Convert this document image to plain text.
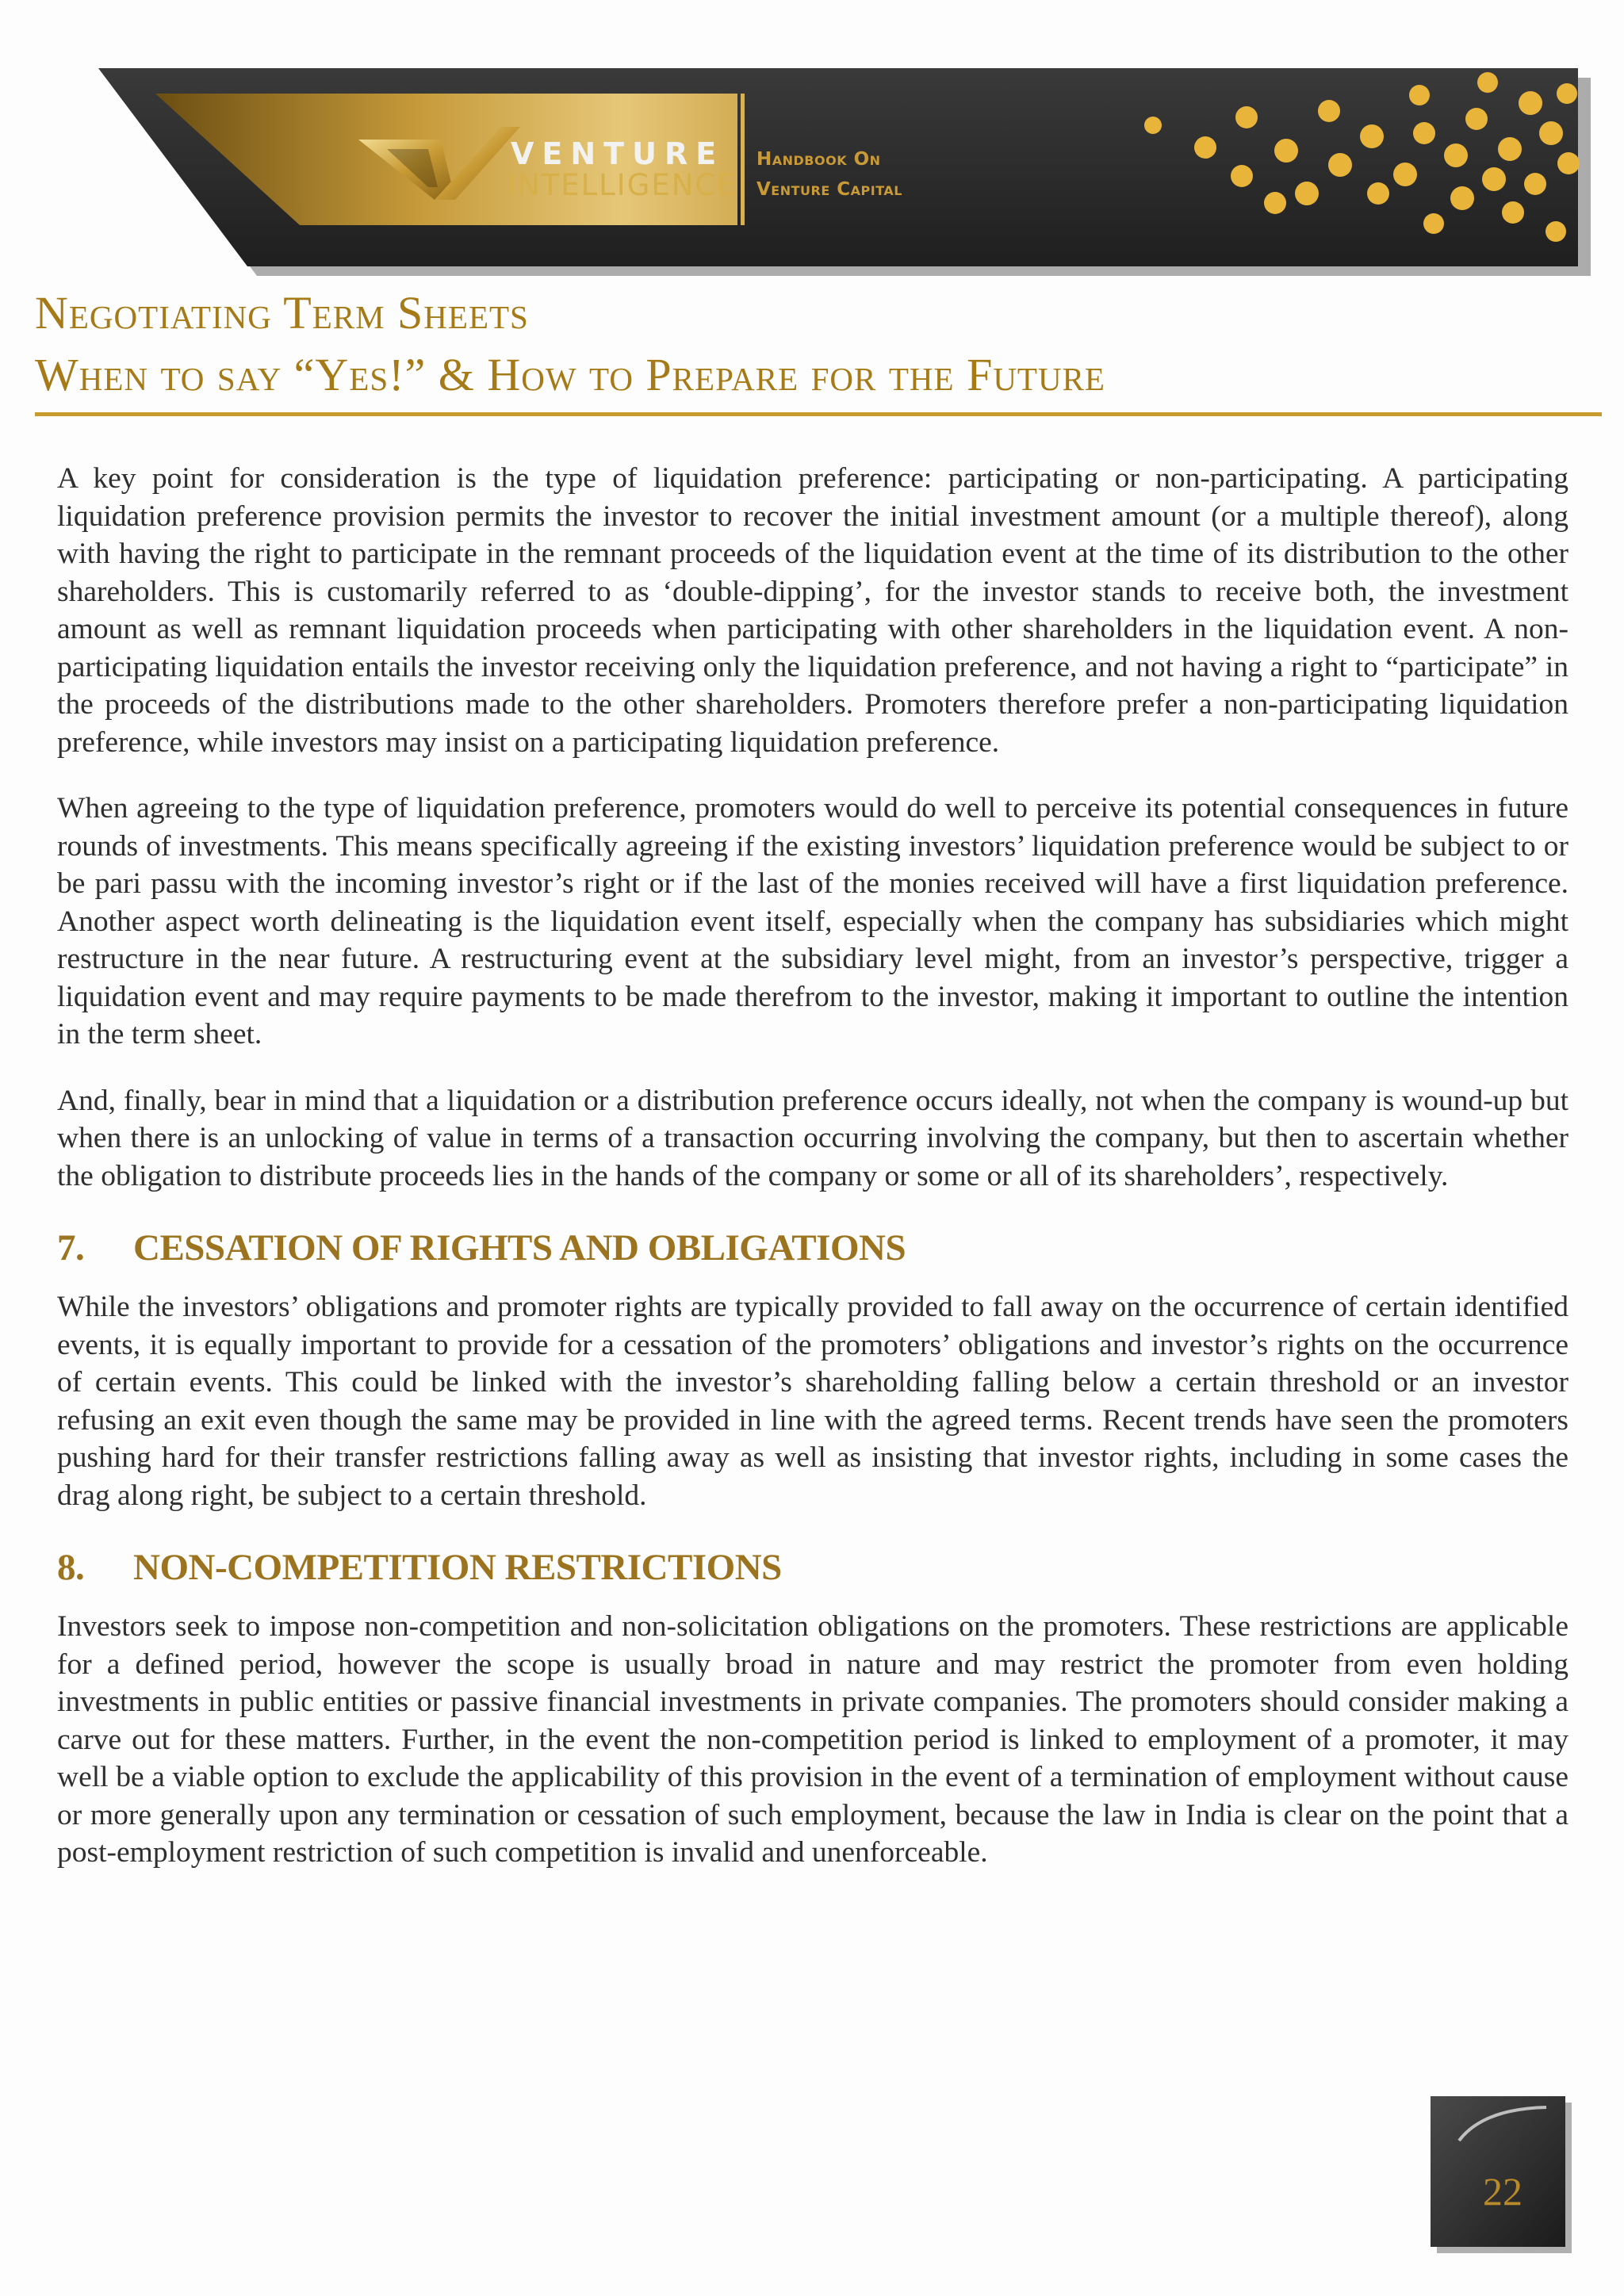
VENTURE
INTELLIGENCE
Handbook On
Venture Capital
Negotiating Term Sheets
When to say “Yes!” & How to Prepare for the Future

A key point for consideration is the type of liquidation preference: participating or non-participating. A participating liquidation preference provision permits the investor to recover the initial investment amount (or a multiple thereof), along with having the right to participate in the remnant proceeds of the liquidation event at the time of its distribution to the other shareholders. This is customarily referred to as ‘double-dipping’, for the investor stands to receive both, the investment amount as well as remnant liquidation proceeds when participating with other shareholders in the liquidation event. A non-participating liquidation entails the investor receiving only the liquidation preference, and not having a right to “participate” in the proceeds of the distributions made to the other shareholders. Promoters therefore prefer a non-participating liquidation preference, while investors may insist on a participating liquidation preference.

When agreeing to the type of liquidation preference, promoters would do well to perceive its potential consequences in future rounds of investments. This means specifically agreeing if the existing investors’ liquidation preference would be subject to or be pari passu with the incoming investor’s right or if the last of the monies received will have a first liquidation preference. Another aspect worth delineating is the liquidation event itself, especially when the company has subsidiaries which might restructure in the near future. A restructuring event at the subsidiary level might, from an investor’s perspective, trigger a liquidation event and may require payments to be made therefrom to the investor, making it important to outline the intention in the term sheet.

And, finally, bear in mind that a liquidation or a distribution preference occurs ideally, not when the company is wound-up but when there is an unlocking of value in terms of a transaction occurring involving the company, but then to ascertain whether the obligation to distribute proceeds lies in the hands of the company or some or all of its shareholders’, respectively.

7. CESSATION OF RIGHTS AND OBLIGATIONS

While the investors’ obligations and promoter rights are typically provided to fall away on the occurrence of certain identified events, it is equally important to provide for a cessation of the promoters’ obligations and investor’s rights on the occurrence of certain events. This could be linked with the investor’s shareholding falling below a certain threshold or an investor refusing an exit even though the same may be provided in line with the agreed terms. Recent trends have seen the promoters pushing hard for their transfer restrictions falling away as well as insisting that investor rights, including in some cases the drag along right, be subject to a certain threshold.

8. NON-COMPETITION RESTRICTIONS

Investors seek to impose non-competition and non-solicitation obligations on the promoters. These restrictions are applicable for a defined period, however the scope is usually broad in nature and may restrict the promoter from even holding investments in public entities or passive financial investments in private companies. The promoters should consider making a carve out for these matters. Further, in the event the non-competition period is linked to employment of a promoter, it may well be a viable option to exclude the applicability of this provision in the event of a termination of employment without cause or more generally upon any termination or cessation of such employment, because the law in India is clear on the point that a post-employment restriction of such competition is invalid and unenforceable.

22
